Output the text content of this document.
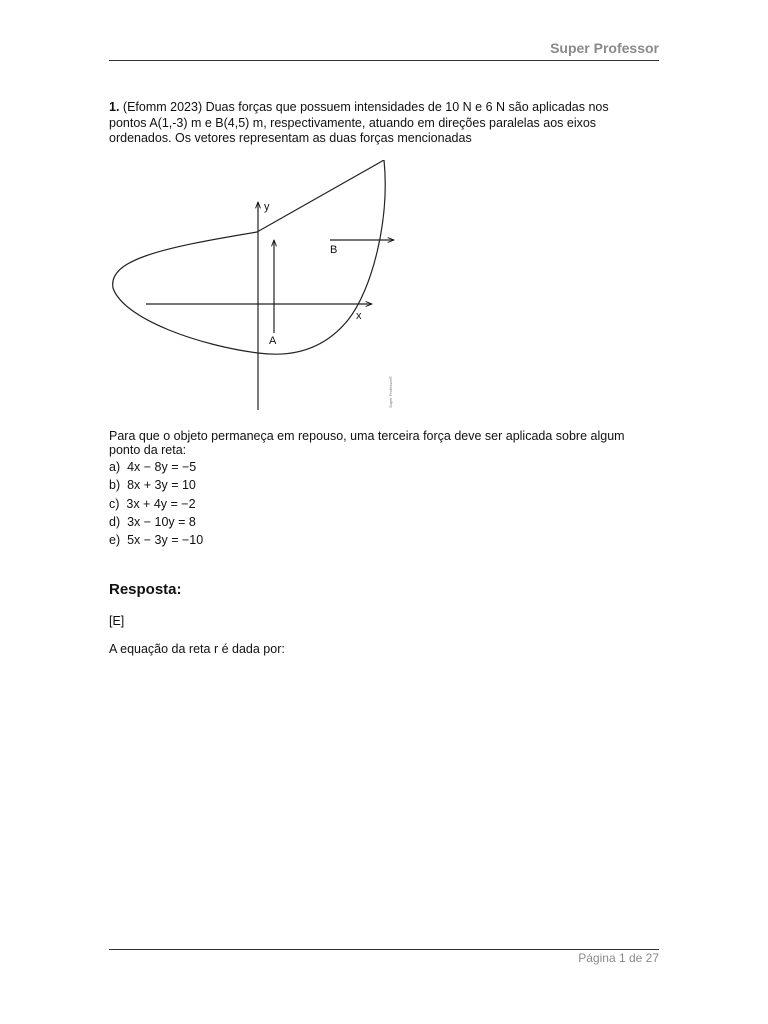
Super Professor
1. (Efomm 2023) Duas forças que possuem intensidades de 10 N e 6 N são aplicadas nos pontos A(1,-3) m e B(4,5) m, respectivamente, atuando em direções paralelas aos eixos ordenados. Os vetores representam as duas forças mencionadas
y
x
A
B
Super Professor®
Para que o objeto permaneça em repouso, uma terceira força deve ser aplicada sobre algum ponto da reta:
a) 4x − 8y = −5
b) 8x + 3y = 10
c) 3x + 4y = −2
d) 3x − 10y = 8
e) 5x − 3y = −10
Resposta:
[E]
A equação da reta r é dada por:
Página 1 de 27
